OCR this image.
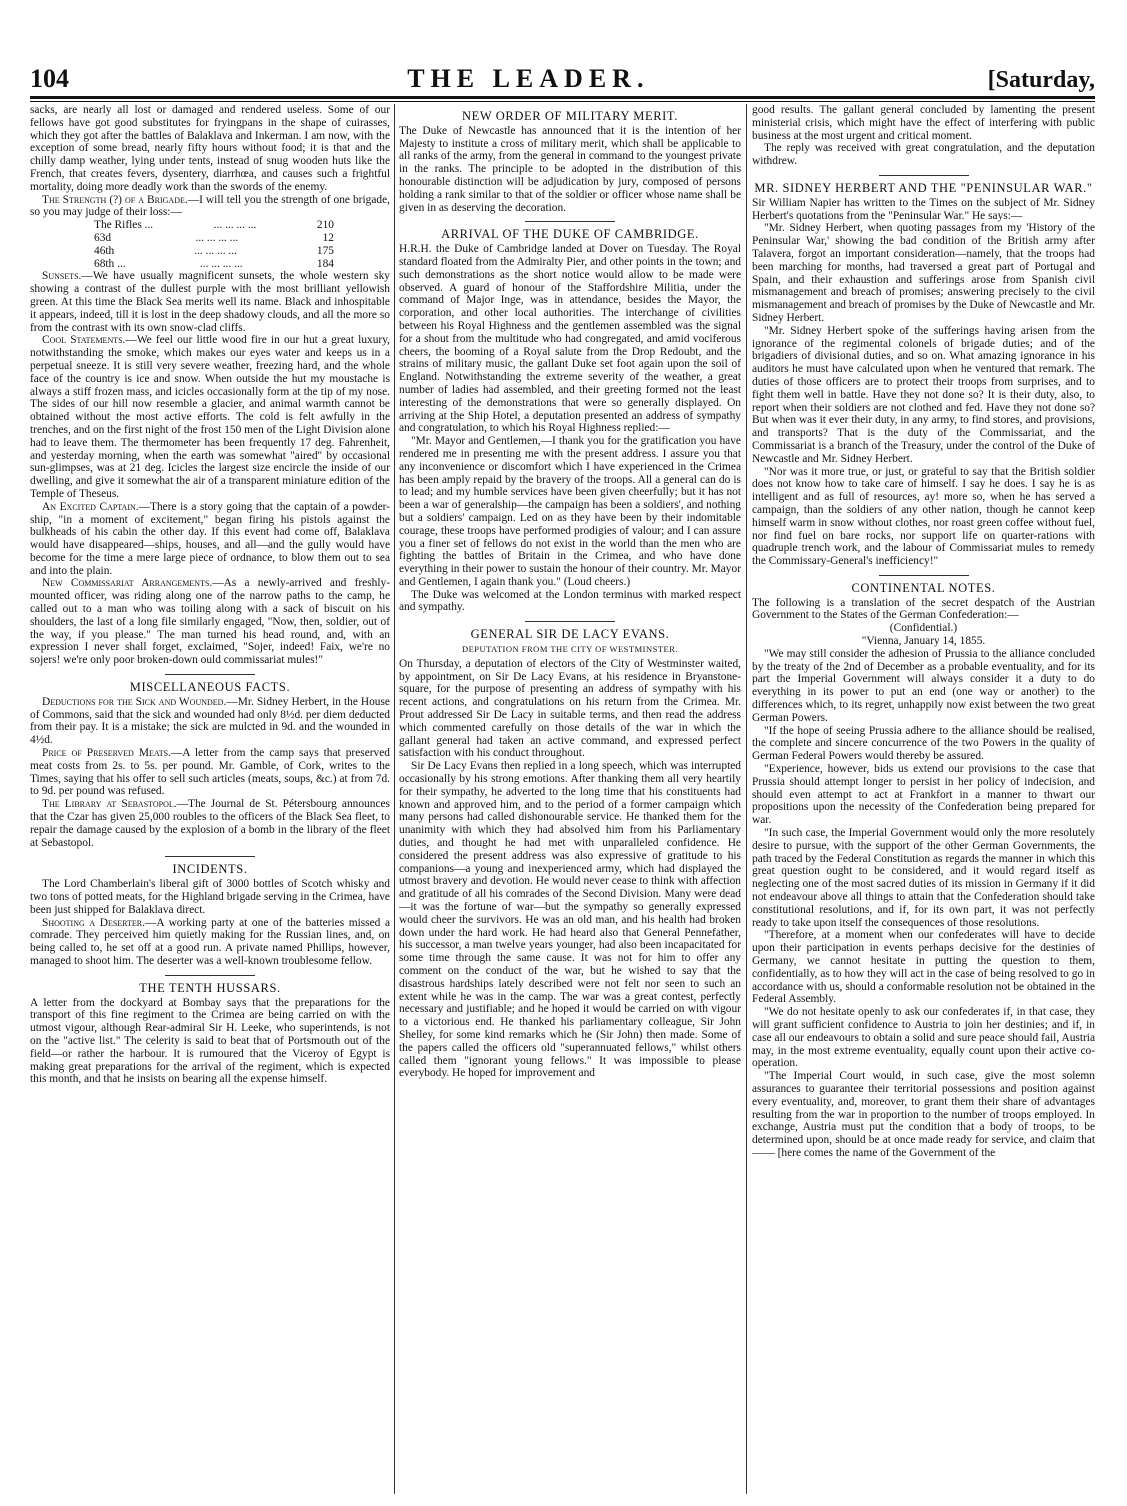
104	THE LEADER.	[Saturday,

sacks, are nearly all lost or damaged and rendered useless. Some of our fellows have got good substitutes for fryingpans in the shape of cuirasses, which they got after the battles of Balaklava and Inkerman. I am now, with the exception of some bread, nearly fifty hours without food; it is that and the chilly damp weather, lying under tents, instead of snug wooden huts like the French, that creates fevers, dysentery, diarrhœa, and causes such a frightful mortality, doing more deadly work than the swords of the enemy.

The Strength (?) of a Brigade.—I will tell you the strength of one brigade, so you may judge of their loss:—

The Rifles ...	... ... ... ...	210
63d	... ... ... ...	12
46th	... ... ... ...	175
68th ...	... ... ... ...	184

Sunsets.—We have usually magnificent sunsets, the whole western sky showing a contrast of the dullest purple with the most brilliant yellowish green. At this time the Black Sea merits well its name. Black and inhospitable it appears, indeed, till it is lost in the deep shadowy clouds, and all the more so from the contrast with its own snow-clad cliffs.

Cool Statements.—We feel our little wood fire in our hut a great luxury, notwithstanding the smoke, which makes our eyes water and keeps us in a perpetual sneeze. It is still very severe weather, freezing hard, and the whole face of the country is ice and snow. When outside the hut my moustache is always a stiff frozen mass, and icicles occasionally form at the tip of my nose. The sides of our hill now resemble a glacier, and animal warmth cannot be obtained without the most active efforts. The cold is felt awfully in the trenches, and on the first night of the frost 150 men of the Light Division alone had to leave them. The thermometer has been frequently 17 deg. Fahrenheit, and yesterday morning, when the earth was somewhat "aired" by occasional sun-glimpses, was at 21 deg. Icicles the largest size encircle the inside of our dwelling, and give it somewhat the air of a transparent miniature edition of the Temple of Theseus.

An Excited Captain.—There is a story going that the captain of a powder-ship, "in a moment of excitement," began firing his pistols against the bulkheads of his cabin the other day. If this event had come off, Balaklava would have disappeared—ships, houses, and all—and the gully would have become for the time a mere large piece of ordnance, to blow them out to sea and into the plain.

New Commissariat Arrangements.—As a newly-arrived and freshly-mounted officer, was riding along one of the narrow paths to the camp, he called out to a man who was toiling along with a sack of biscuit on his shoulders, the last of a long file similarly engaged, "Now, then, soldier, out of the way, if you please." The man turned his head round, and, with an expression I never shall forget, exclaimed, "Sojer, indeed! Faix, we're no sojers! we're only poor broken-down ould commissariat mules!"

MISCELLANEOUS FACTS.

Deductions for the Sick and Wounded.—Mr. Sidney Herbert, in the House of Commons, said that the sick and wounded had only 8½d. per diem deducted from their pay. It is a mistake; the sick are mulcted in 9d. and the wounded in 4½d.

Price of Preserved Meats.—A letter from the camp says that preserved meat costs from 2s. to 5s. per pound. Mr. Gamble, of Cork, writes to the Times, saying that his offer to sell such articles (meats, soups, &c.) at from 7d. to 9d. per pound was refused.

The Library at Sebastopol.—The Journal de St. Pétersbourg announces that the Czar has given 25,000 roubles to the officers of the Black Sea fleet, to repair the damage caused by the explosion of a bomb in the library of the fleet at Sebastopol.

INCIDENTS.

The Lord Chamberlain's liberal gift of 3000 bottles of Scotch whisky and two tons of potted meats, for the Highland brigade serving in the Crimea, have been just shipped for Balaklava direct.

Shooting a Deserter.—A working party at one of the batteries missed a comrade. They perceived him quietly making for the Russian lines, and, on being called to, he set off at a good run. A private named Phillips, however, managed to shoot him. The deserter was a well-known troublesome fellow.

THE TENTH HUSSARS.

A letter from the dockyard at Bombay says that the preparations for the transport of this fine regiment to the Crimea are being carried on with the utmost vigour, although Rear-admiral Sir H. Leeke, who superintends, is not on the "active list." The celerity is said to beat that of Portsmouth out of the field—or rather the harbour. It is rumoured that the Viceroy of Egypt is making great preparations for the arrival of the regiment, which is expected this month, and that he insists on bearing all the expense himself.

NEW ORDER OF MILITARY MERIT.

The Duke of Newcastle has announced that it is the intention of her Majesty to institute a cross of military merit, which shall be applicable to all ranks of the army, from the general in command to the youngest private in the ranks. The principle to be adopted in the distribution of this honourable distinction will be adjudication by jury, composed of persons holding a rank similar to that of the soldier or officer whose name shall be given in as deserving the decoration.

ARRIVAL OF THE DUKE OF CAMBRIDGE.

H.R.H. the Duke of Cambridge landed at Dover on Tuesday. The Royal standard floated from the Admiralty Pier, and other points in the town; and such demonstrations as the short notice would allow to be made were observed. A guard of honour of the Staffordshire Militia, under the command of Major Inge, was in attendance, besides the Mayor, the corporation, and other local authorities. The interchange of civilities between his Royal Highness and the gentlemen assembled was the signal for a shout from the multitude who had congregated, and amid vociferous cheers, the booming of a Royal salute from the Drop Redoubt, and the strains of military music, the gallant Duke set foot again upon the soil of England. Notwithstanding the extreme severity of the weather, a great number of ladies had assembled, and their greeting formed not the least interesting of the demonstrations that were so generally displayed. On arriving at the Ship Hotel, a deputation presented an address of sympathy and congratulation, to which his Royal Highness replied:—

"Mr. Mayor and Gentlemen,—I thank you for the gratification you have rendered me in presenting me with the present address. I assure you that any inconvenience or discomfort which I have experienced in the Crimea has been amply repaid by the bravery of the troops. All a general can do is to lead; and my humble services have been given cheerfully; but it has not been a war of generalship—the campaign has been a soldiers', and nothing but a soldiers' campaign. Led on as they have been by their indomitable courage, these troops have performed prodigies of valour; and I can assure you a finer set of fellows do not exist in the world than the men who are fighting the battles of Britain in the Crimea, and who have done everything in their power to sustain the honour of their country. Mr. Mayor and Gentlemen, I again thank you." (Loud cheers.)

The Duke was welcomed at the London terminus with marked respect and sympathy.

GENERAL SIR DE LACY EVANS.
DEPUTATION FROM THE CITY OF WESTMINSTER.

On Thursday, a deputation of electors of the City of Westminster waited, by appointment, on Sir De Lacy Evans, at his residence in Bryanstone-square, for the purpose of presenting an address of sympathy with his recent actions, and congratulations on his return from the Crimea. Mr. Prout addressed Sir De Lacy in suitable terms, and then read the address which commented carefully on those details of the war in which the gallant general had taken an active command, and expressed perfect satisfaction with his conduct throughout.

Sir De Lacy Evans then replied in a long speech, which was interrupted occasionally by his strong emotions. After thanking them all very heartily for their sympathy, he adverted to the long time that his constituents had known and approved him, and to the period of a former campaign which many persons had called dishonourable service. He thanked them for the unanimity with which they had absolved him from his Parliamentary duties, and thought he had met with unparalleled confidence. He considered the present address was also expressive of gratitude to his companions—a young and inexperienced army, which had displayed the utmost bravery and devotion. He would never cease to think with affection and gratitude of all his comrades of the Second Division. Many were dead—it was the fortune of war—but the sympathy so generally expressed would cheer the survivors. He was an old man, and his health had broken down under the hard work. He had heard also that General Pennefather, his successor, a man twelve years younger, had also been incapacitated for some time through the same cause. It was not for him to offer any comment on the conduct of the war, but he wished to say that the disastrous hardships lately described were not felt nor seen to such an extent while he was in the camp. The war was a great contest, perfectly necessary and justifiable; and he hoped it would be carried on with vigour to a victorious end. He thanked his parliamentary colleague, Sir John Shelley, for some kind remarks which he (Sir John) then made. Some of the papers called the officers old "superannuated fellows," whilst others called them "ignorant young fellows." It was impossible to please everybody. He hoped for improvement and

good results. The gallant general concluded by lamenting the present ministerial crisis, which might have the effect of interfering with public business at the most urgent and critical moment.

The reply was received with great congratulation, and the deputation withdrew.

MR. SIDNEY HERBERT AND THE "PENINSULAR WAR."

Sir William Napier has written to the Times on the subject of Mr. Sidney Herbert's quotations from the "Peninsular War." He says:—

"Mr. Sidney Herbert, when quoting passages from my 'History of the Peninsular War,' showing the bad condition of the British army after Talavera, forgot an important consideration—namely, that the troops had been marching for months, had traversed a great part of Portugal and Spain, and their exhaustion and sufferings arose from Spanish civil mismanagement and breach of promises; answering precisely to the civil mismanagement and breach of promises by the Duke of Newcastle and Mr. Sidney Herbert.

"Mr. Sidney Herbert spoke of the sufferings having arisen from the ignorance of the regimental colonels of brigade duties; and of the brigadiers of divisional duties, and so on. What amazing ignorance in his auditors he must have calculated upon when he ventured that remark. The duties of those officers are to protect their troops from surprises, and to fight them well in battle. Have they not done so? It is their duty, also, to report when their soldiers are not clothed and fed. Have they not done so? But when was it ever their duty, in any army, to find stores, and provisions, and transports? That is the duty of the Commissariat, and the Commissariat is a branch of the Treasury, under the control of the Duke of Newcastle and Mr. Sidney Herbert.

"Nor was it more true, or just, or grateful to say that the British soldier does not know how to take care of himself. I say he does. I say he is as intelligent and as full of resources, ay! more so, when he has served a campaign, than the soldiers of any other nation, though he cannot keep himself warm in snow without clothes, nor roast green coffee without fuel, nor find fuel on bare rocks, nor support life on quarter-rations with quadruple trench work, and the labour of Commissariat mules to remedy the Commissary-General's inefficiency!"

CONTINENTAL NOTES.

The following is a translation of the secret despatch of the Austrian Government to the States of the German Confederation:—

(Confidential.)

"Vienna, January 14, 1855.

"We may still consider the adhesion of Prussia to the alliance concluded by the treaty of the 2nd of December as a probable eventuality, and for its part the Imperial Government will always consider it a duty to do everything in its power to put an end (one way or another) to the differences which, to its regret, unhappily now exist between the two great German Powers.

"If the hope of seeing Prussia adhere to the alliance should be realised, the complete and sincere concurrence of the two Powers in the quality of German Federal Powers would thereby be assured.

"Experience, however, bids us extend our provisions to the case that Prussia should attempt longer to persist in her policy of indecision, and should even attempt to act at Frankfort in a manner to thwart our propositions upon the necessity of the Confederation being prepared for war.

"In such case, the Imperial Government would only the more resolutely desire to pursue, with the support of the other German Governments, the path traced by the Federal Constitution as regards the manner in which this great question ought to be considered, and it would regard itself as neglecting one of the most sacred duties of its mission in Germany if it did not endeavour above all things to attain that the Confederation should take constitutional resolutions, and if, for its own part, it was not perfectly ready to take upon itself the consequences of those resolutions.

"Therefore, at a moment when our confederates will have to decide upon their participation in events perhaps decisive for the destinies of Germany, we cannot hesitate in putting the question to them, confidentially, as to how they will act in the case of being resolved to go in accordance with us, should a conformable resolution not be obtained in the Federal Assembly.

"We do not hesitate openly to ask our confederates if, in that case, they will grant sufficient confidence to Austria to join her destinies; and if, in case all our endeavours to obtain a solid and sure peace should fail, Austria may, in the most extreme eventuality, equally count upon their active co-operation.

"The Imperial Court would, in such case, give the most solemn assurances to guarantee their territorial possessions and position against every eventuality, and, moreover, to grant them their share of advantages resulting from the war in proportion to the number of troops employed. In exchange, Austria must put the condition that a body of troops, to be determined upon, should be at once made ready for service, and claim that —— [here comes the name of the Government of the
